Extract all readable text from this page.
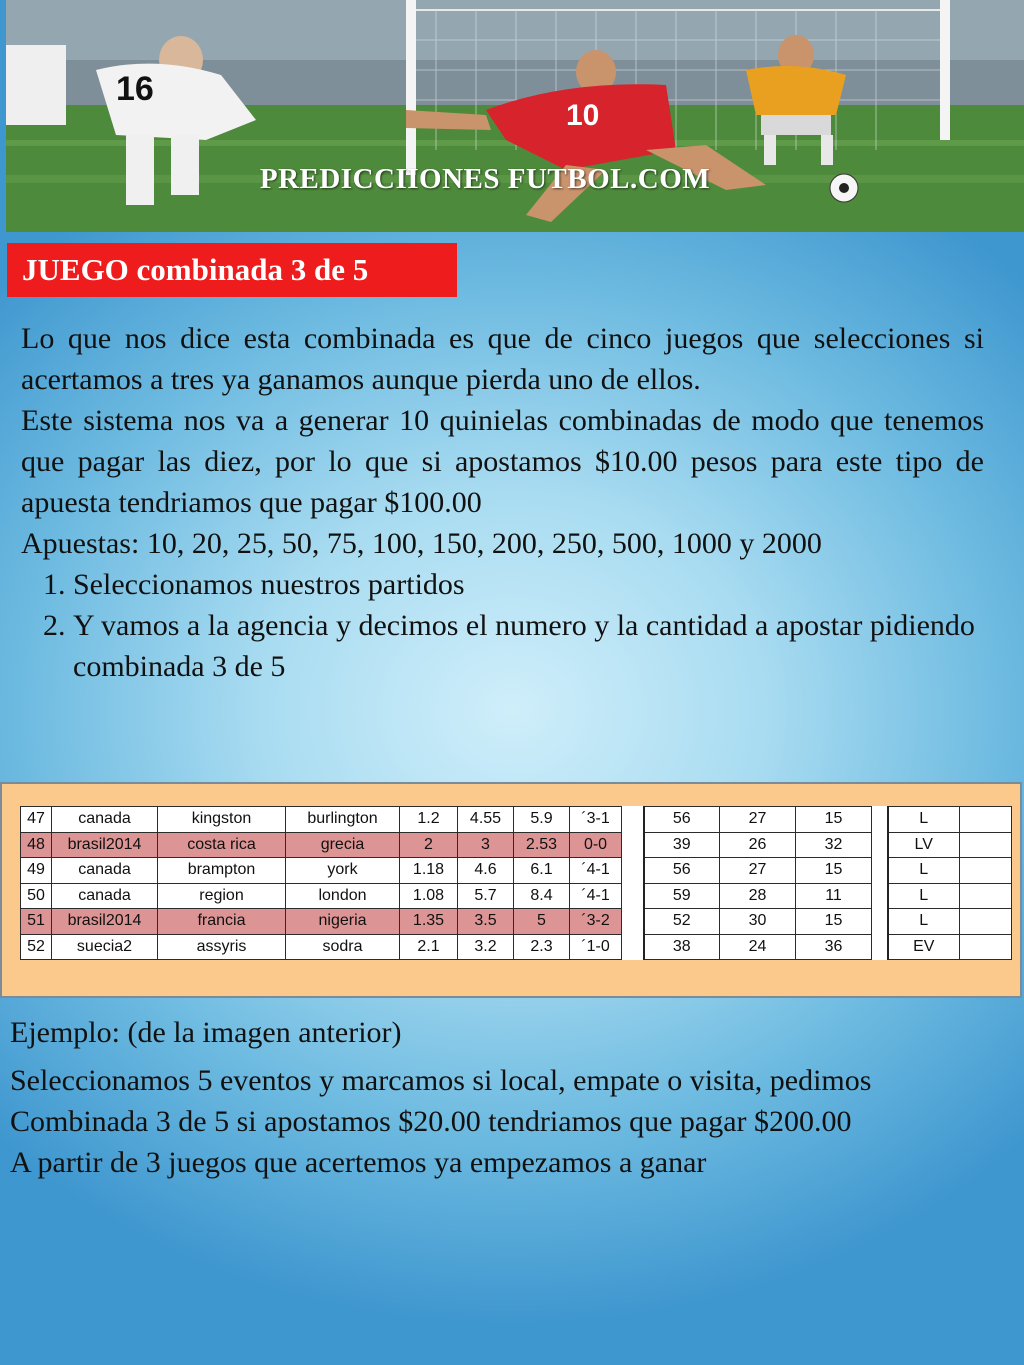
16
10
PREDICCIIONES FUTBOL.COM
JUEGO combinada 3 de 5

Lo que nos dice esta combinada es que de cinco juegos que selecciones si acertamos a tres ya ganamos aunque pierda uno de ellos.

Este sistema nos va a generar 10 quinielas combinadas de modo que tenemos que pagar las diez, por lo que si apostamos $10.00 pesos para este tipo de apuesta tendriamos que pagar $100.00

Apuestas: 10, 20, 25, 50, 75, 100, 150, 200, 250, 500, 1000 y 2000

1. Seleccionamos nuestros partidos
2. Y vamos a la agencia y decimos el numero y la cantidad a apostar pidiendo combinada 3 de 5
47	canada	kingston	burlington	1.2	4.55	5.9	´3-1		56	27	15		L	
48	brasil2014	costa rica	grecia	2	3	2.53	0-0		39	26	32		LV	
49	canada	brampton	york	1.18	4.6	6.1	´4-1		56	27	15		L	
50	canada	region	london	1.08	5.7	8.4	´4-1		59	28	11		L	
51	brasil2014	francia	nigeria	1.35	3.5	5	´3-2		52	30	15		L	
52	suecia2	assyris	sodra	2.1	3.2	2.3	´1-0		38	24	36		EV	

Ejemplo: (de la imagen anterior)

Seleccionamos 5 eventos y marcamos si local, empate o visita, pedimos Combinada 3 de 5 si apostamos $20.00 tendriamos que pagar $200.00

A partir de 3 juegos que acertemos ya empezamos a ganar
